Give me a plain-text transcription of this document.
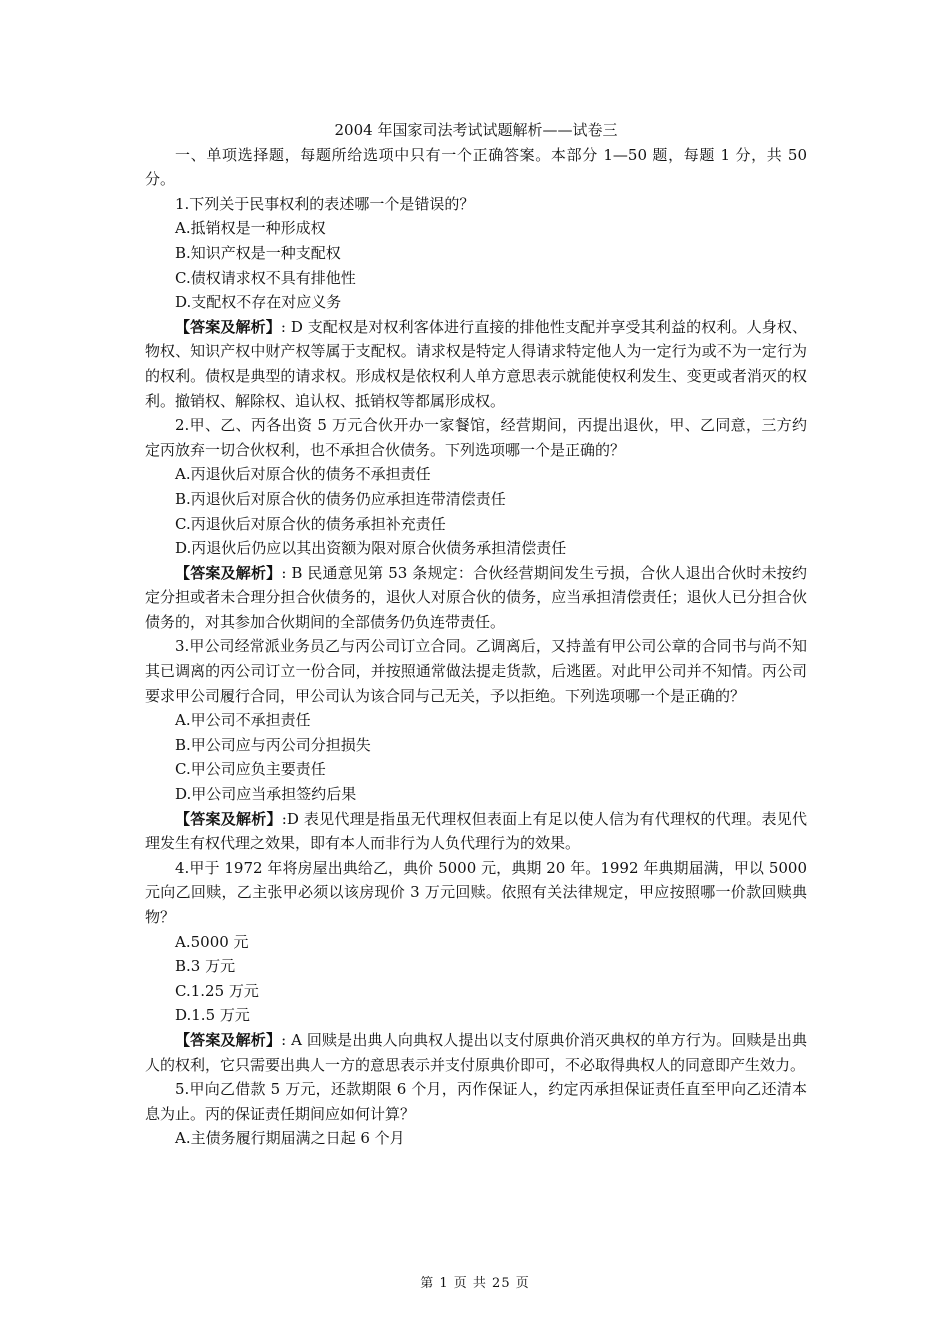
2004 年国家司法考试试题解析——试卷三

一、单项选择题，每题所给选项中只有一个正确答案。本部分 1—50 题，每题 1 分，共 50 分。

1.下列关于民事权利的表述哪一个是错误的？

A.抵销权是一种形成权

B.知识产权是一种支配权

C.债权请求权不具有排他性

D.支配权不存在对应义务

【答案及解析】: D 支配权是对权利客体进行直接的排他性支配并享受其利益的权利。人身权、物权、知识产权中财产权等属于支配权。请求权是特定人得请求特定他人为一定行为或不为一定行为的权利。债权是典型的请求权。形成权是依权利人单方意思表示就能使权利发生、变更或者消灭的权利。撤销权、解除权、追认权、抵销权等都属形成权。

2.甲、乙、丙各出资 5 万元合伙开办一家餐馆，经营期间，丙提出退伙，甲、乙同意，三方约定丙放弃一切合伙权利，也不承担合伙债务。下列选项哪一个是正确的？

A.丙退伙后对原合伙的债务不承担责任

B.丙退伙后对原合伙的债务仍应承担连带清偿责任

C.丙退伙后对原合伙的债务承担补充责任

D.丙退伙后仍应以其出资额为限对原合伙债务承担清偿责任

【答案及解析】: B 民通意见第 53 条规定：合伙经营期间发生亏损，合伙人退出合伙时未按约定分担或者未合理分担合伙债务的，退伙人对原合伙的债务，应当承担清偿责任；退伙人已分担合伙债务的，对其参加合伙期间的全部债务仍负连带责任。

3.甲公司经常派业务员乙与丙公司订立合同。乙调离后，又持盖有甲公司公章的合同书与尚不知其已调离的丙公司订立一份合同，并按照通常做法提走货款，后逃匿。对此甲公司并不知情。丙公司要求甲公司履行合同，甲公司认为该合同与己无关，予以拒绝。下列选项哪一个是正确的？

A.甲公司不承担责任

B.甲公司应与丙公司分担损失

C.甲公司应负主要责任

D.甲公司应当承担签约后果

【答案及解析】:D 表见代理是指虽无代理权但表面上有足以使人信为有代理权的代理。表见代理发生有权代理之效果，即有本人而非行为人负代理行为的效果。

4.甲于 1972 年将房屋出典给乙，典价 5000 元，典期 20 年。1992 年典期届满，甲以 5000 元向乙回赎，乙主张甲必须以该房现价 3 万元回赎。依照有关法律规定，甲应按照哪一价款回赎典物？

A.5000 元

B.3 万元

C.1.25 万元

D.1.5 万元

【答案及解析】: A 回赎是出典人向典权人提出以支付原典价消灭典权的单方行为。回赎是出典人的权利，它只需要出典人一方的意思表示并支付原典价即可，不必取得典权人的同意即产生效力。

5.甲向乙借款 5 万元，还款期限 6 个月，丙作保证人，约定丙承担保证责任直至甲向乙还清本息为止。丙的保证责任期间应如何计算？

A.主债务履行期届满之日起 6 个月

第 1 页 共 25 页
